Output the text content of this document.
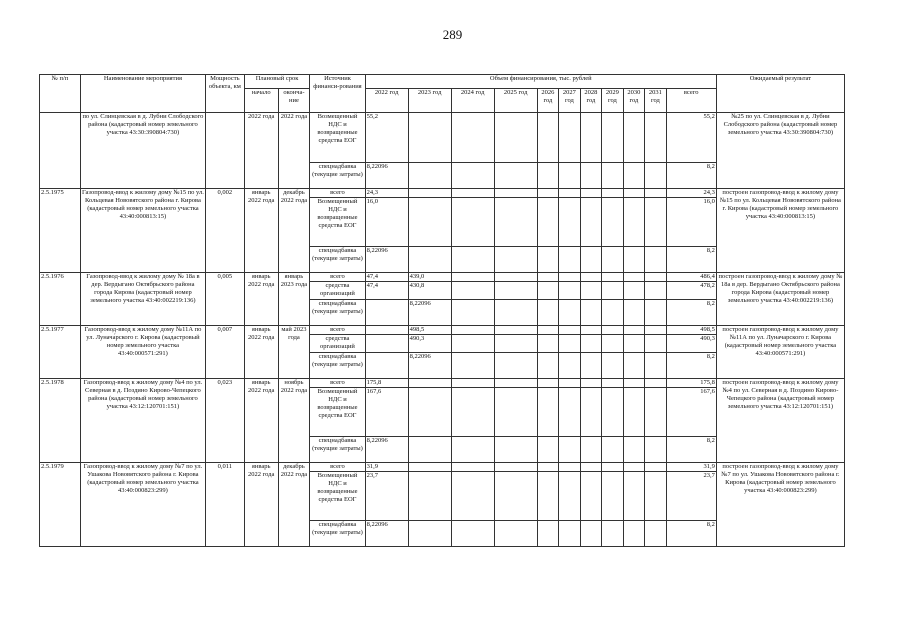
289
№ п/п	Наименование мероприятия	Мощность объекта, км	Плановый срок		Источник финанси-рования	Объем финансирования, тыс. рублей											Ожидаемый результат
			начало	оконча-ние		2022 год	2023 год	2024 год	2025 год	2026 год	2027 год	2028 год	2029 год	2030 год	2031 год	всего	
	по ул. Слинцевская в д. Лубни Слободского района (кадастровый номер земельного участка 43:30:390804:730)		2022 года	2022 года	Возмещенный НДС и возвращенные средства ЕОГ	55,2										55,2	№25 по ул. Слинцевская в д. Лубни Слободского района (кадастровый номер земельного участка 43:30:390804:730)
					спецнадбавка (текущие затраты)	8,22096										8,2	
2.5.1975	Газопровод-ввод к жилому дому №15 по ул. Кольцевая Нововятского района г. Кирова (кадастровый номер земельного участка 43:40:000813:15)	0,002	январь 2022 года	декабрь 2022 года	всего	24,3										24,3	построен газопровод-ввод к жилому дому №15 по ул. Кольцевая Нововятского района г. Кирова (кадастровый номер земельного участка 43:40:000813:15)
					Возмещенный НДС и возвращенные средства ЕОГ	16,0										16,0	
					спецнадбавка (текущие затраты)	8,22096										8,2	
2.5.1976	Газопровод-ввод к жилому дому № 18а в дер. Вердыгано Октябрьского района города Кирова (кадастровый номер земельного участка 43:40:002219:136)	0,005	январь 2022 года	январь 2023 года	всего	47,4	439,0									486,4	построен газопровод-ввод к жилому дому № 18а в дер. Вердыгано Октябрьского района города Кирова (кадастровый номер земельного участка 43:40:002219:136)
					средства организаций	47,4	430,8									478,2	
					спецнадбавка (текущие затраты)		8,22096									8,2	
2.5.1977	Газопровод-ввод к жилому дому №11А по ул. Лунача́рского г. Кирова (кадастровый номер земельного участка 43:40:000571:291)	0,007	январь 2022 года	май 2023 года	всего		498,5									498,5	построен газопровод-ввод к жилому дому №11А по ул. Луначарского г. Кирова (кадастровый номер земельного участка 43:40:000571:291)
					средства организаций		490,3									490,3	
					спецнадбавка (текущие затраты)		8,22096									8,2	
2.5.1978	Газопровод-ввод к жилому дому №4 по ул. Северная в д. Поздино Кирово-Чепецкого района (кадастровый номер земельного участка 43:12:120701:151)	0,023	январь 2022 года	ноябрь 2022 года	всего	175,8										175,8	построен газопровод-ввод к жилому дому №4 по ул. Северная в д. Поздино Кирово-Чепецкого района (кадастровый номер земельного участка 43:12:120701:151)
					Возмещенный НДС и возвращенные средства ЕОГ	167,6										167,6	
					спецнадбавка (текущие затраты)	8,22096										8,2	
2.5.1979	Газопровод-ввод к жилому дому №7 по ул. Ушакова Нововятского района г. Кирова (кадастровый номер земельного участка 43:40:000823:299)	0,011	январь 2022 года	декабрь 2022 года	всего	31,9										31,9	построен газопровод-ввод к жилому дому №7 по ул. Ушакова Нововятского района г. Кирова (кадастровый номер земельного участка 43:40:000823:299)
					Возмещенный НДС и возвращенные средства ЕОГ	23,7										23,7	
					спецнадбавка (текущие затраты)	8,22096										8,2	
